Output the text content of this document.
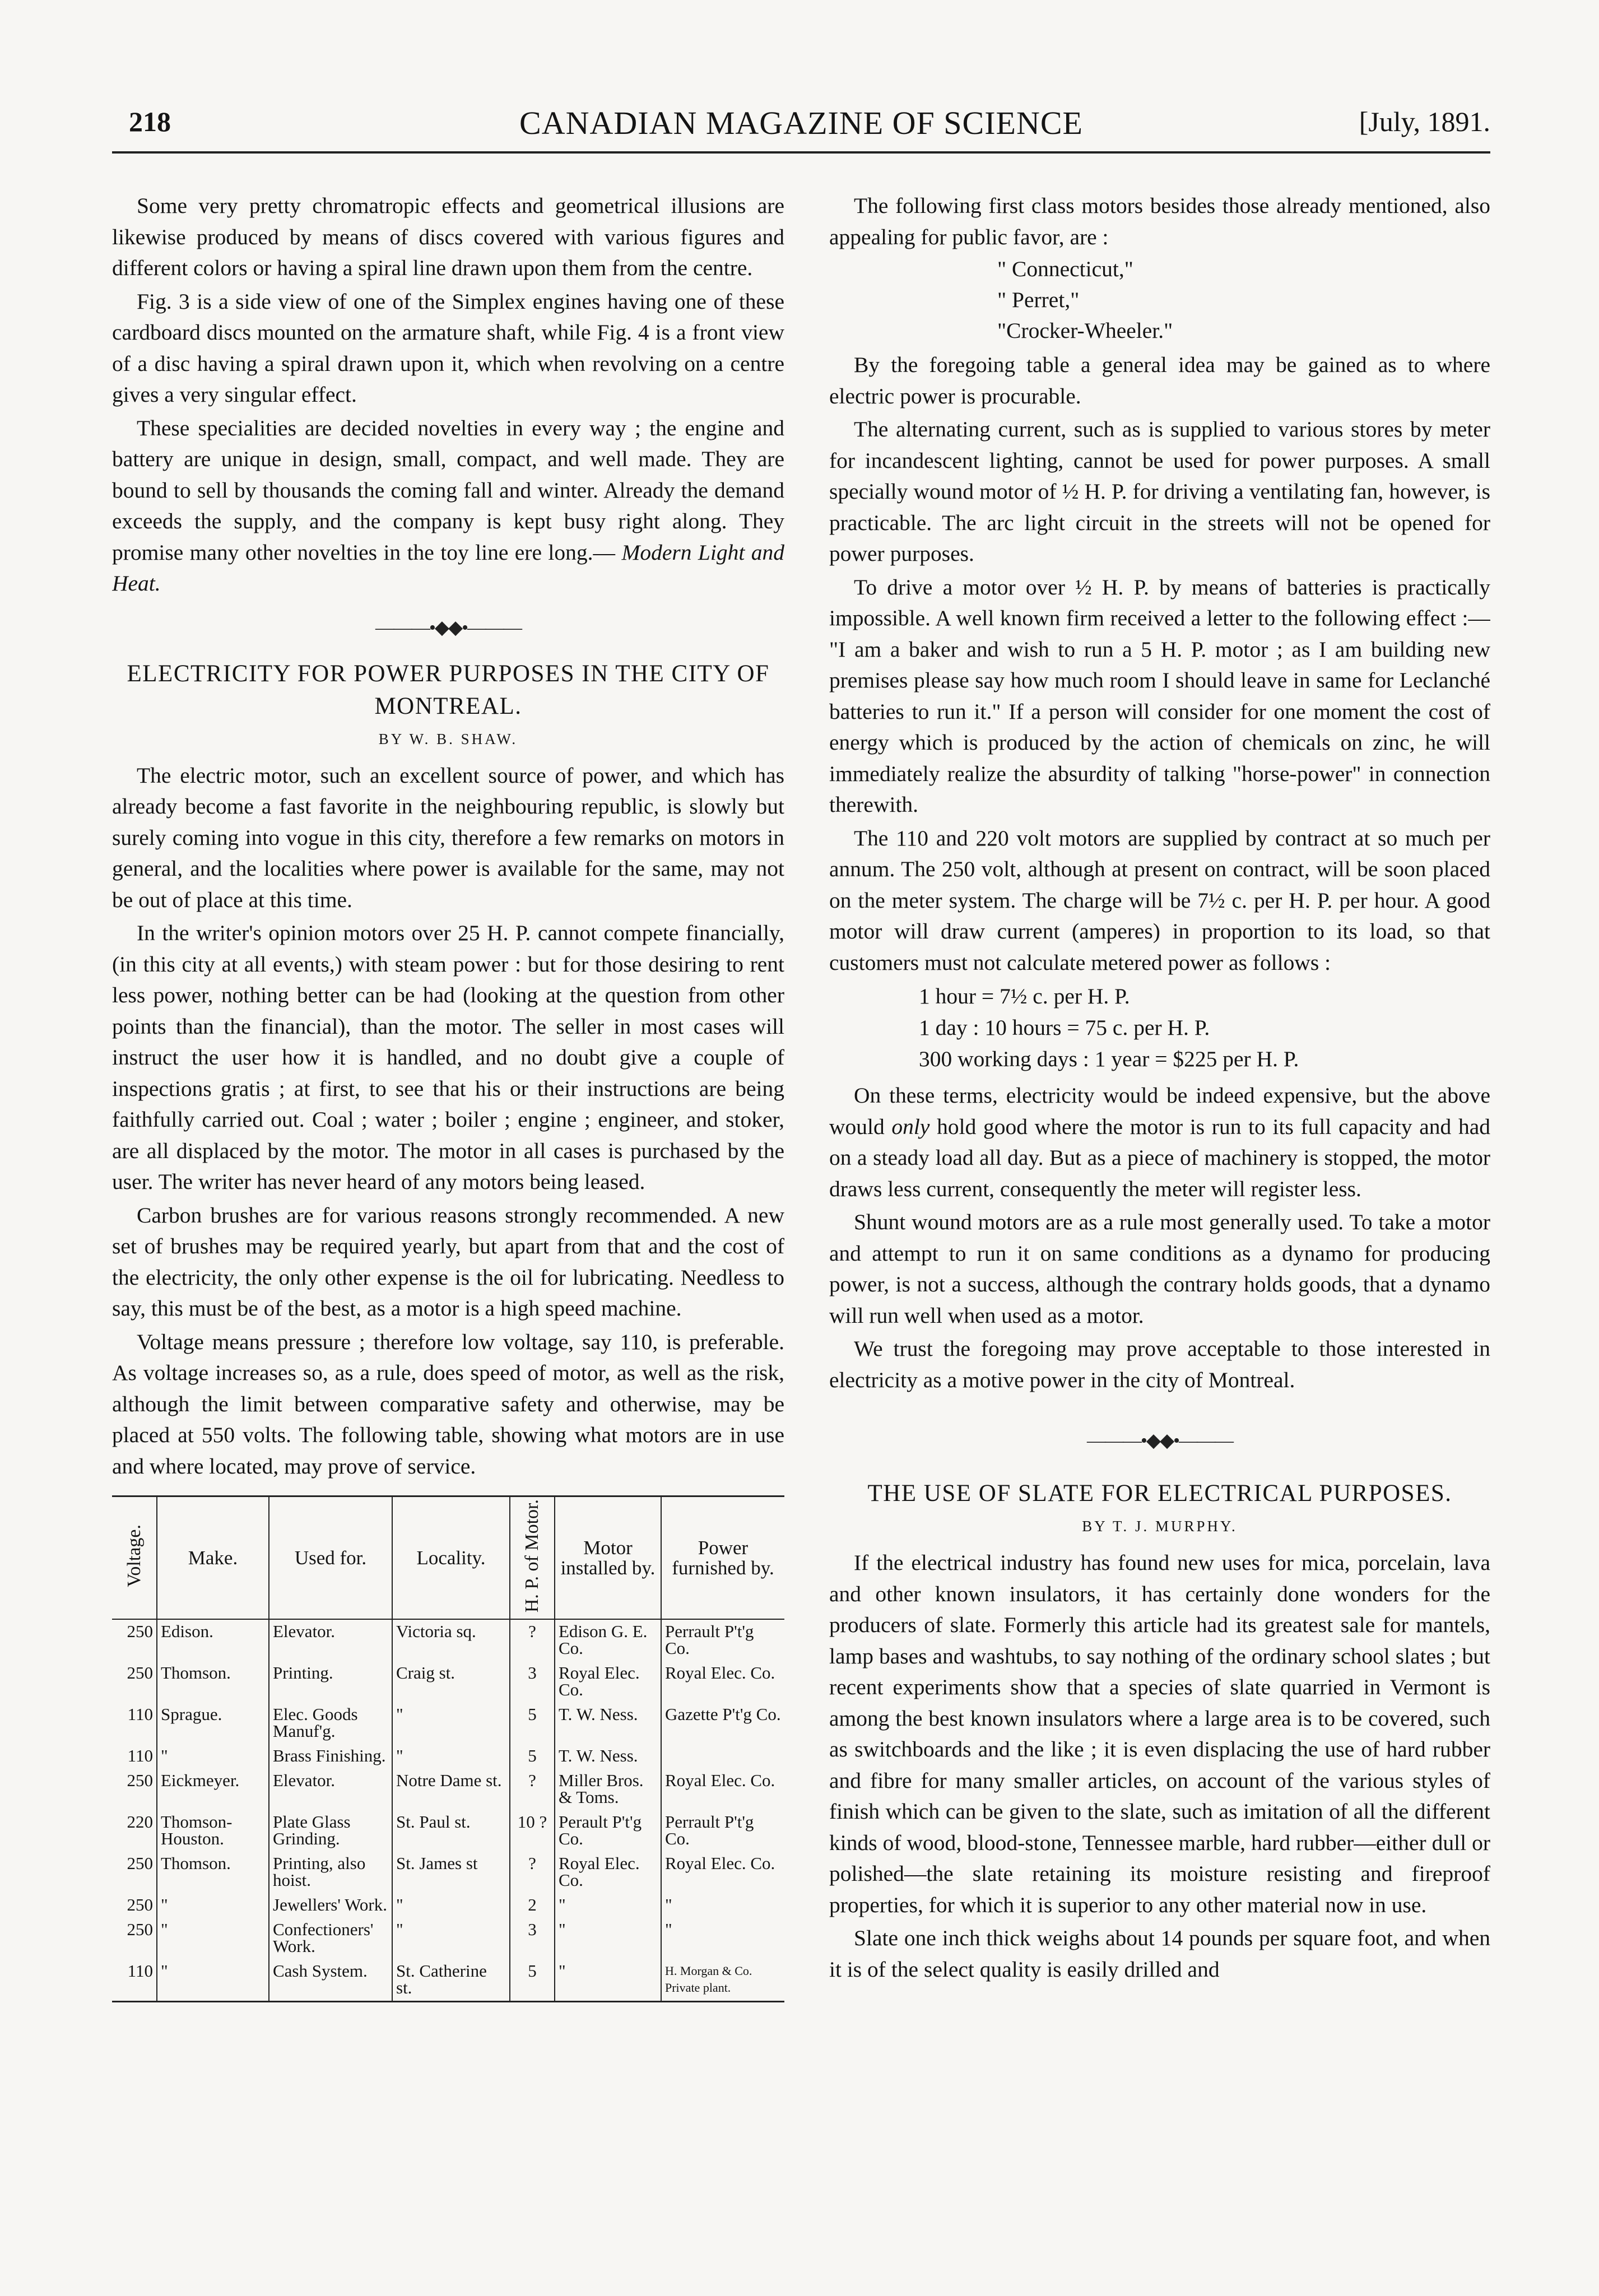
218	CANADIAN MAGAZINE OF SCIENCE	[July, 1891.

Some very pretty chromatropic effects and geometrical illusions are likewise produced by means of discs covered with various figures and different colors or having a spiral line drawn upon them from the centre.

Fig. 3 is a side view of one of the Simplex engines having one of these cardboard discs mounted on the armature shaft, while Fig. 4 is a front view of a disc having a spiral drawn upon it, which when revolving on a centre gives a very singular effect.

These specialities are decided novelties in every way ; the engine and battery are unique in design, small, compact, and well made. They are bound to sell by thousands the coming fall and winter. Already the demand exceeds the supply, and the company is kept busy right along. They promise many other novelties in the toy line ere long.— Modern Light and Heat.

———•◆◆•———
ELECTRICITY FOR POWER PURPOSES IN THE CITY OF MONTREAL.
BY W. B. SHAW.

The electric motor, such an excellent source of power, and which has already become a fast favorite in the neighbouring republic, is slowly but surely coming into vogue in this city, therefore a few remarks on motors in general, and the localities where power is available for the same, may not be out of place at this time.

In the writer's opinion motors over 25 H. P. cannot compete financially, (in this city at all events,) with steam power : but for those desiring to rent less power, nothing better can be had (looking at the question from other points than the financial), than the motor. The seller in most cases will instruct the user how it is handled, and no doubt give a couple of inspections gratis ; at first, to see that his or their instructions are being faithfully carried out. Coal ; water ; boiler ; engine ; engineer, and stoker, are all displaced by the motor. The motor in all cases is purchased by the user. The writer has never heard of any motors being leased.

Carbon brushes are for various reasons strongly recommended. A new set of brushes may be required yearly, but apart from that and the cost of the electricity, the only other expense is the oil for lubricating. Needless to say, this must be of the best, as a motor is a high speed machine.

Voltage means pressure ; therefore low voltage, say 110, is preferable. As voltage increases so, as a rule, does speed of motor, as well as the risk, although the limit between comparative safety and otherwise, may be placed at 550 volts. The following table, showing what motors are in use and where located, may prove of service.

Voltage.	Make.	Used for.	Locality.	H. P. of Motor.	Motor installed by.	Power furnished by.
250	Edison.	Elevator.	Victoria sq.	?	Edison G. E. Co.	Perrault P't'g Co.
250	Thomson.	Printing.	Craig st.	3	Royal Elec. Co.	Royal Elec. Co.
110	Sprague.	Elec. Goods Manuf'g.	"	5	T. W. Ness.	Gazette P't'g Co.
110	"	Brass Finishing.	"	5	T. W. Ness.	
250	Eickmeyer.	Elevator.	Notre Dame st.	?	Miller Bros. & Toms.	Royal Elec. Co.
220	Thomson-Houston.	Plate Glass Grinding.	St. Paul st.	10 ?	Perault P't'g Co.	Perrault P't'g Co.
250	Thomson.	Printing, also hoist.	St. James st	?	Royal Elec. Co.	Royal Elec. Co.
250	"	Jewellers' Work.	"	2	"	"
250	"	Confectioners' Work.	"	3	"	"
110	"	Cash System.	St. Catherine st.	5	"	H. Morgan & Co. Private plant.

The following first class motors besides those already mentioned, also appealing for public favor, are :

" Connecticut,"
" Perret,"
"Crocker-Wheeler."

By the foregoing table a general idea may be gained as to where electric power is procurable.

The alternating current, such as is supplied to various stores by meter for incandescent lighting, cannot be used for power purposes. A small specially wound motor of ½ H. P. for driving a ventilating fan, however, is practicable. The arc light circuit in the streets will not be opened for power purposes.

To drive a motor over ½ H. P. by means of batteries is practically impossible. A well known firm received a letter to the following effect :— "I am a baker and wish to run a 5 H. P. motor ; as I am building new premises please say how much room I should leave in same for Leclanché batteries to run it." If a person will consider for one moment the cost of energy which is produced by the action of chemicals on zinc, he will immediately realize the absurdity of talking "horse-power" in connection therewith.

The 110 and 220 volt motors are supplied by contract at so much per annum. The 250 volt, although at present on contract, will be soon placed on the meter system. The charge will be 7½ c. per H. P. per hour. A good motor will draw current (amperes) in proportion to its load, so that customers must not calculate metered power as follows :

1 hour = 7½ c. per H. P.
1 day : 10 hours = 75 c. per H. P.
300 working days : 1 year = $225 per H. P.

On these terms, electricity would be indeed expensive, but the above would only hold good where the motor is run to its full capacity and had on a steady load all day. But as a piece of machinery is stopped, the motor draws less current, consequently the meter will register less.

Shunt wound motors are as a rule most generally used. To take a motor and attempt to run it on same conditions as a dynamo for producing power, is not a success, although the contrary holds goods, that a dynamo will run well when used as a motor.

We trust the foregoing may prove acceptable to those interested in electricity as a motive power in the city of Montreal.

———•◆◆•———
THE USE OF SLATE FOR ELECTRICAL PURPOSES.
BY T. J. MURPHY.

If the electrical industry has found new uses for mica, porcelain, lava and other known insulators, it has certainly done wonders for the producers of slate. Formerly this article had its greatest sale for mantels, lamp bases and washtubs, to say nothing of the ordinary school slates ; but recent experiments show that a species of slate quarried in Vermont is among the best known insulators where a large area is to be covered, such as switchboards and the like ; it is even displacing the use of hard rubber and fibre for many smaller articles, on account of the various styles of finish which can be given to the slate, such as imitation of all the different kinds of wood, blood-stone, Tennessee marble, hard rubber—either dull or polished—the slate retaining its moisture resisting and fireproof properties, for which it is superior to any other material now in use.

Slate one inch thick weighs about 14 pounds per square foot, and when it is of the select quality is easily drilled and
